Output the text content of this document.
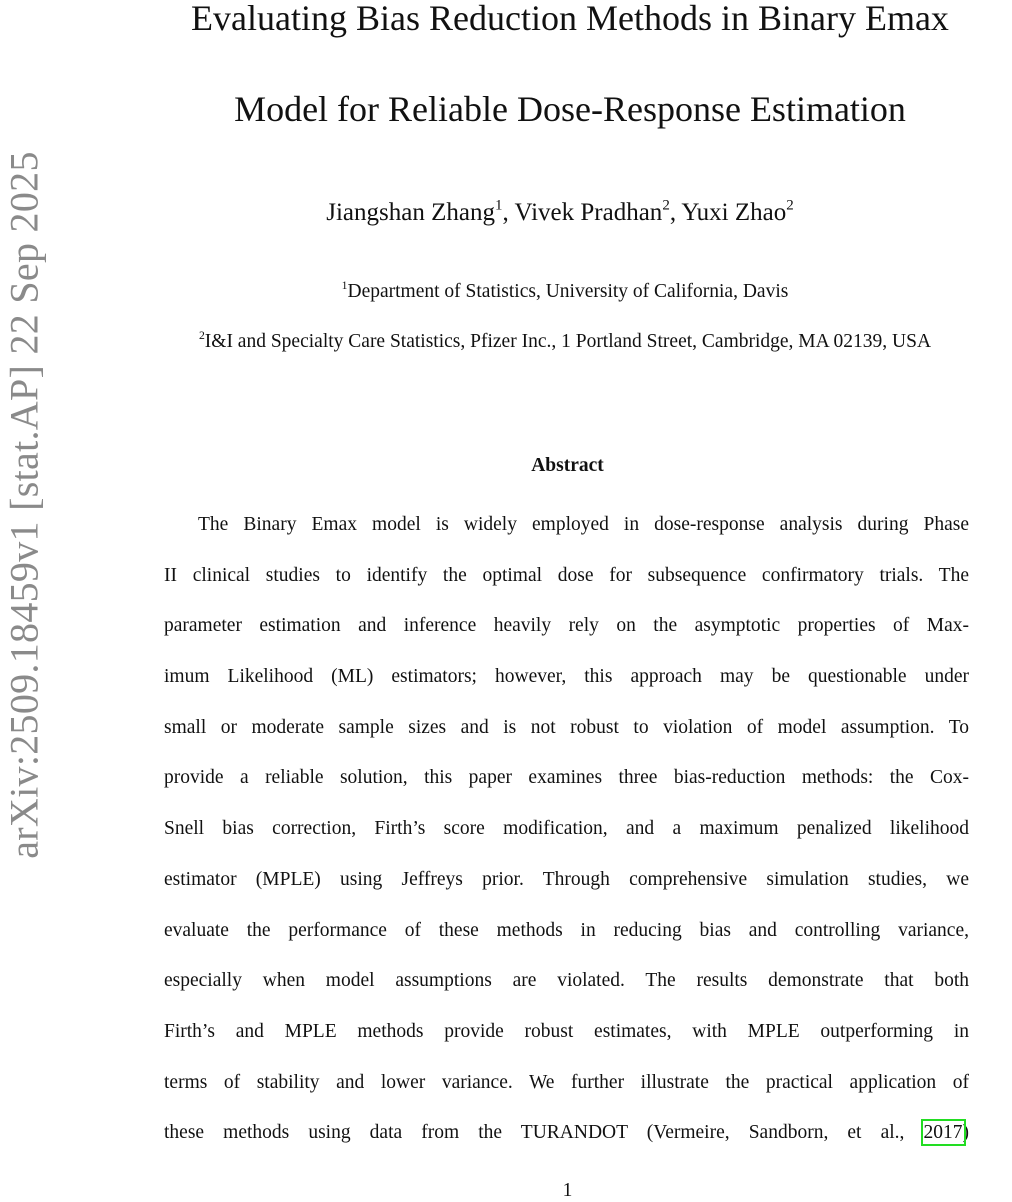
arXiv:2509.18459v1 [stat.AP] 22 Sep 2025
Evaluating Bias Reduction Methods in Binary Emax
Model for Reliable Dose-Response Estimation
Jiangshan Zhang$^1$, Vivek Pradhan$^2$, Yuxi Zhao$^2$
$^1$Department of Statistics, University of California, Davis
$^2$I&I and Specialty Care Statistics, Pfizer Inc., 1 Portland Street, Cambridge, MA 02139, USA
Abstract
The Binary Emax model is widely employed in dose-response analysis during Phase
II clinical studies to identify the optimal dose for subsequence confirmatory trials. The
parameter estimation and inference heavily rely on the asymptotic properties of Max-
imum Likelihood (ML) estimators; however, this approach may be questionable under
small or moderate sample sizes and is not robust to violation of model assumption. To
provide a reliable solution, this paper examines three bias-reduction methods: the Cox-
Snell bias correction, Firth’s score modification, and a maximum penalized likelihood
estimator (MPLE) using Jeffreys prior. Through comprehensive simulation studies, we
evaluate the performance of these methods in reducing bias and controlling variance,
especially when model assumptions are violated. The results demonstrate that both
Firth’s and MPLE methods provide robust estimates, with MPLE outperforming in
terms of stability and lower variance. We further illustrate the practical application of
these methods using data from the TURANDOT (Vermeire, Sandborn, et al., 2017)
1
